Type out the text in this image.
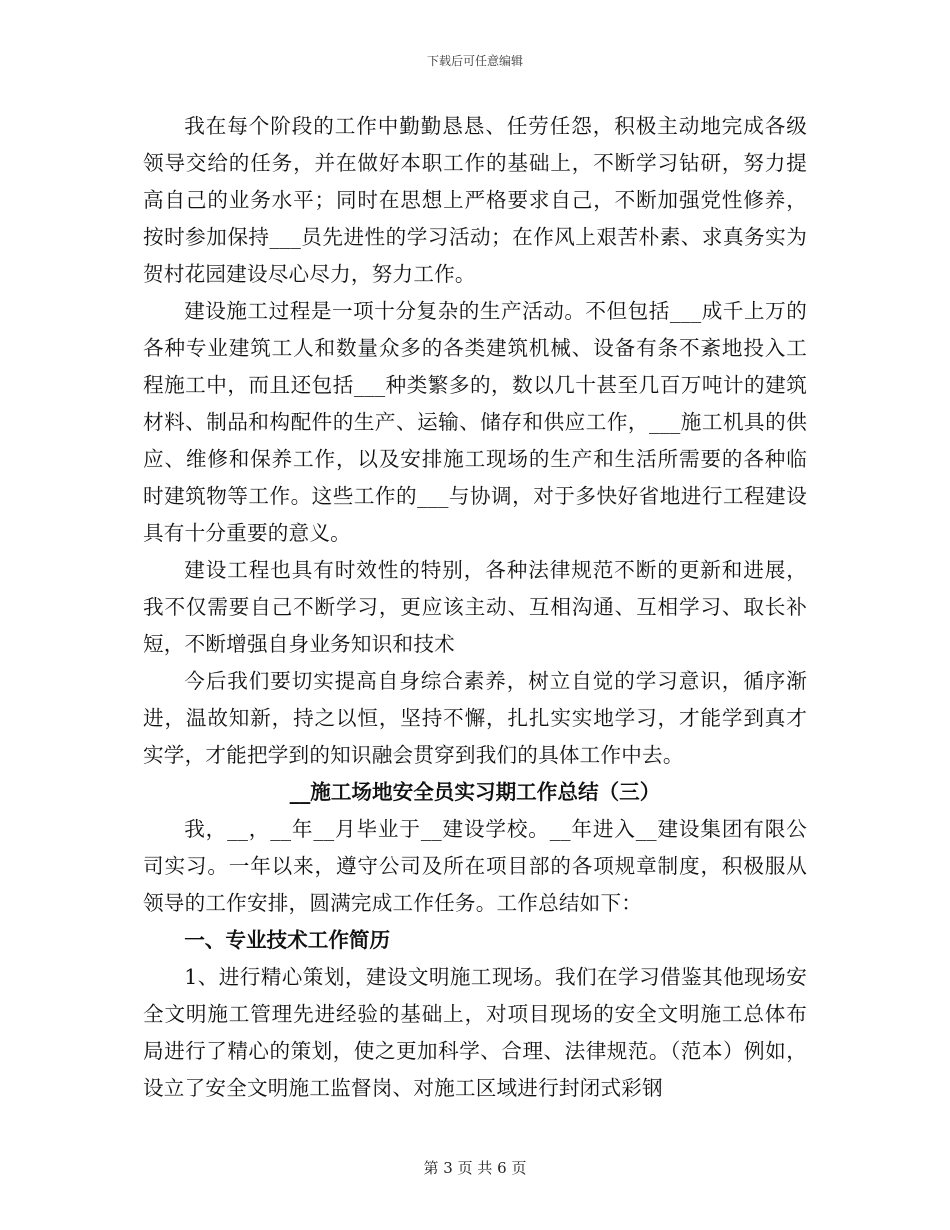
下载后可任意编辑

我在每个阶段的工作中勤勤恳恳、任劳任怨，积极主动地完成各级领导交给的任务，并在做好本职工作的基础上，不断学习钻研，努力提高自己的业务水平；同时在思想上严格要求自己，不断加强党性修养，按时参加保持___员先进性的学习活动；在作风上艰苦朴素、求真务实为贺村花园建设尽心尽力，努力工作。

建设施工过程是一项十分复杂的生产活动。不但包括___成千上万的各种专业建筑工人和数量众多的各类建筑机械、设备有条不紊地投入工程施工中，而且还包括___种类繁多的，数以几十甚至几百万吨计的建筑材料、制品和构配件的生产、运输、储存和供应工作，___施工机具的供应、维修和保养工作，以及安排施工现场的生产和生活所需要的各种临时建筑物等工作。这些工作的___与协调，对于多快好省地进行工程建设具有十分重要的意义。

建设工程也具有时效性的特别，各种法律规范不断的更新和进展，我不仅需要自己不断学习，更应该主动、互相沟通、互相学习、取长补短，不断增强自身业务知识和技术

今后我们要切实提高自身综合素养，树立自觉的学习意识，循序渐进，温故知新，持之以恒，坚持不懈，扎扎实实地学习，才能学到真才实学，才能把学到的知识融会贯穿到我们的具体工作中去。

__施工场地安全员实习期工作总结（三）

我，__，__年__月毕业于__建设学校。__年进入__建设集团有限公司实习。一年以来，遵守公司及所在项目部的各项规章制度，积极服从领导的工作安排，圆满完成工作任务。工作总结如下：

一、专业技术工作简历

1、进行精心策划，建设文明施工现场。我们在学习借鉴其他现场安全文明施工管理先进经验的基础上，对项目现场的安全文明施工总体布局进行了精心的策划，使之更加科学、合理、法律规范。（范本）例如，设立了安全文明施工监督岗、对施工区域进行封闭式彩钢

第 3 页 共 6 页
